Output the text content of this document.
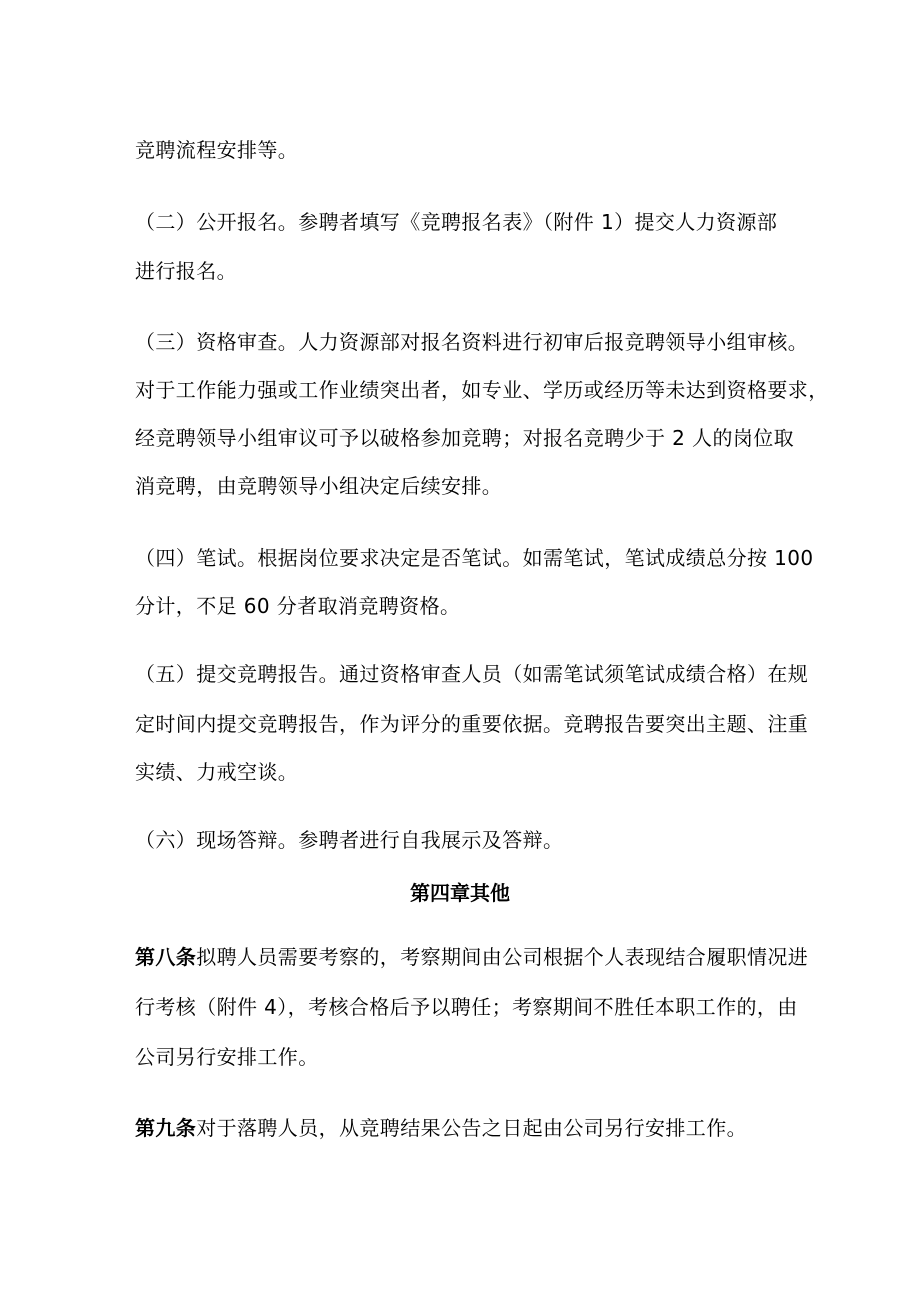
竞聘流程安排等。
（二）公开报名。参聘者填写《竞聘报名表》（附件 1）提交人力资源部
进行报名。
（三）资格审查。人力资源部对报名资料进行初审后报竞聘领导小组审核。
对于工作能力强或工作业绩突出者，如专业、学历或经历等未达到资格要求，
经竞聘领导小组审议可予以破格参加竞聘；对报名竞聘少于 2 人的岗位取
消竞聘，由竞聘领导小组决定后续安排。
（四）笔试。根据岗位要求决定是否笔试。如需笔试，笔试成绩总分按 100
分计，不足 60 分者取消竞聘资格。
（五）提交竞聘报告。通过资格审查人员（如需笔试须笔试成绩合格）在规
定时间内提交竞聘报告，作为评分的重要依据。竞聘报告要突出主题、注重
实绩、力戒空谈。
（六）现场答辩。参聘者进行自我展示及答辩。
第四章其他
第八条拟聘人员需要考察的，考察期间由公司根据个人表现结合履职情况进
行考核（附件 4），考核合格后予以聘任；考察期间不胜任本职工作的，由
公司另行安排工作。
第九条对于落聘人员，从竞聘结果公告之日起由公司另行安排工作。
